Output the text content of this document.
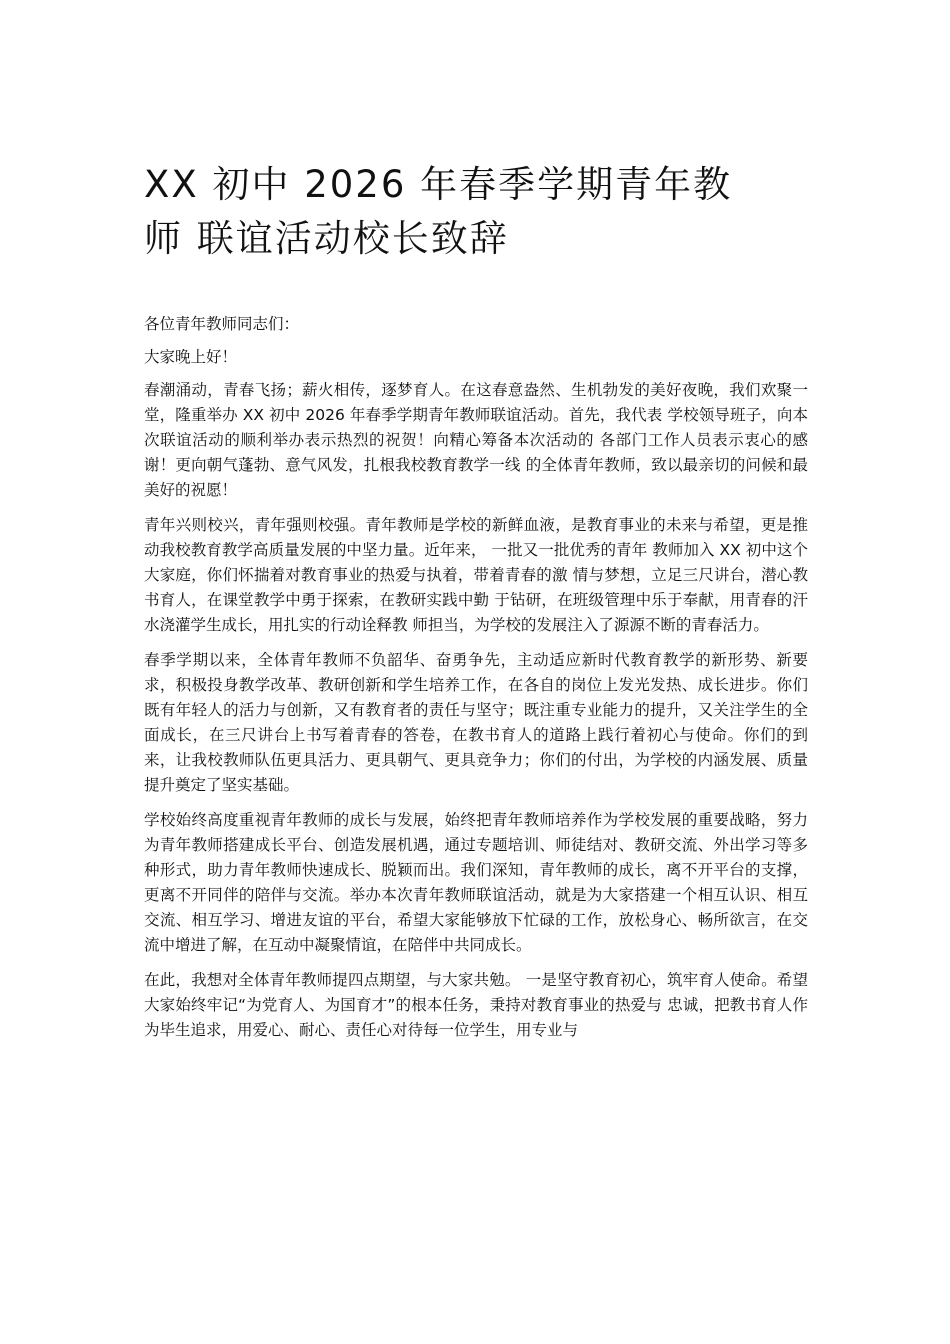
XX 初中 2026 年春季学期青年教
师 联谊活动校长致辞

各位青年教师同志们：

大家晚上好！

春潮涌动，青春飞扬；薪火相传，逐梦育人。在这春意盎然、生机勃发的美好夜晚，我们欢聚一堂，隆重举办 XX 初中 2026 年春季学期青年教师联谊活动。首先，我代表 学校领导班子，向本次联谊活动的顺利举办表示热烈的祝贺！向精心筹备本次活动的 各部门工作人员表示衷心的感谢！更向朝气蓬勃、意气风发，扎根我校教育教学一线 的全体青年教师，致以最亲切的问候和最美好的祝愿！

青年兴则校兴，青年强则校强。青年教师是学校的新鲜血液，是教育事业的未来与希望，更是推动我校教育教学高质量发展的中坚力量。近年来， 一批又一批优秀的青年 教师加入 XX 初中这个大家庭，你们怀揣着对教育事业的热爱与执着，带着青春的激 情与梦想，立足三尺讲台，潜心教书育人，在课堂教学中勇于探索，在教研实践中勤 于钻研，在班级管理中乐于奉献，用青春的汗水浇灌学生成长，用扎实的行动诠释教 师担当，为学校的发展注入了源源不断的青春活力。

春季学期以来，全体青年教师不负韶华、奋勇争先，主动适应新时代教育教学的新形势、新要求，积极投身教学改革、教研创新和学生培养工作，在各自的岗位上发光发热、成长进步。你们既有年轻人的活力与创新，又有教育者的责任与坚守；既注重专业能力的提升，又关注学生的全面成长，在三尺讲台上书写着青春的答卷，在教书育人的道路上践行着初心与使命。你们的到来，让我校教师队伍更具活力、更具朝气、更具竞争力；你们的付出，为学校的内涵发展、质量提升奠定了坚实基础。

学校始终高度重视青年教师的成长与发展，始终把青年教师培养作为学校发展的重要战略，努力为青年教师搭建成长平台、创造发展机遇，通过专题培训、师徒结对、教研交流、外出学习等多种形式，助力青年教师快速成长、脱颖而出。我们深知，青年教师的成长，离不开平台的支撑，更离不开同伴的陪伴与交流。举办本次青年教师联谊活动，就是为大家搭建一个相互认识、相互交流、相互学习、增进友谊的平台，希望大家能够放下忙碌的工作，放松身心、畅所欲言，在交流中增进了解，在互动中凝聚情谊，在陪伴中共同成长。

在此，我想对全体青年教师提四点期望，与大家共勉。 一是坚守教育初心，筑牢育人使命。希望大家始终牢记“为党育人、为国育才”的根本任务，秉持对教育事业的热爱与 忠诚，把教书育人作为毕生追求，用爱心、耐心、责任心对待每一位学生，用专业与
